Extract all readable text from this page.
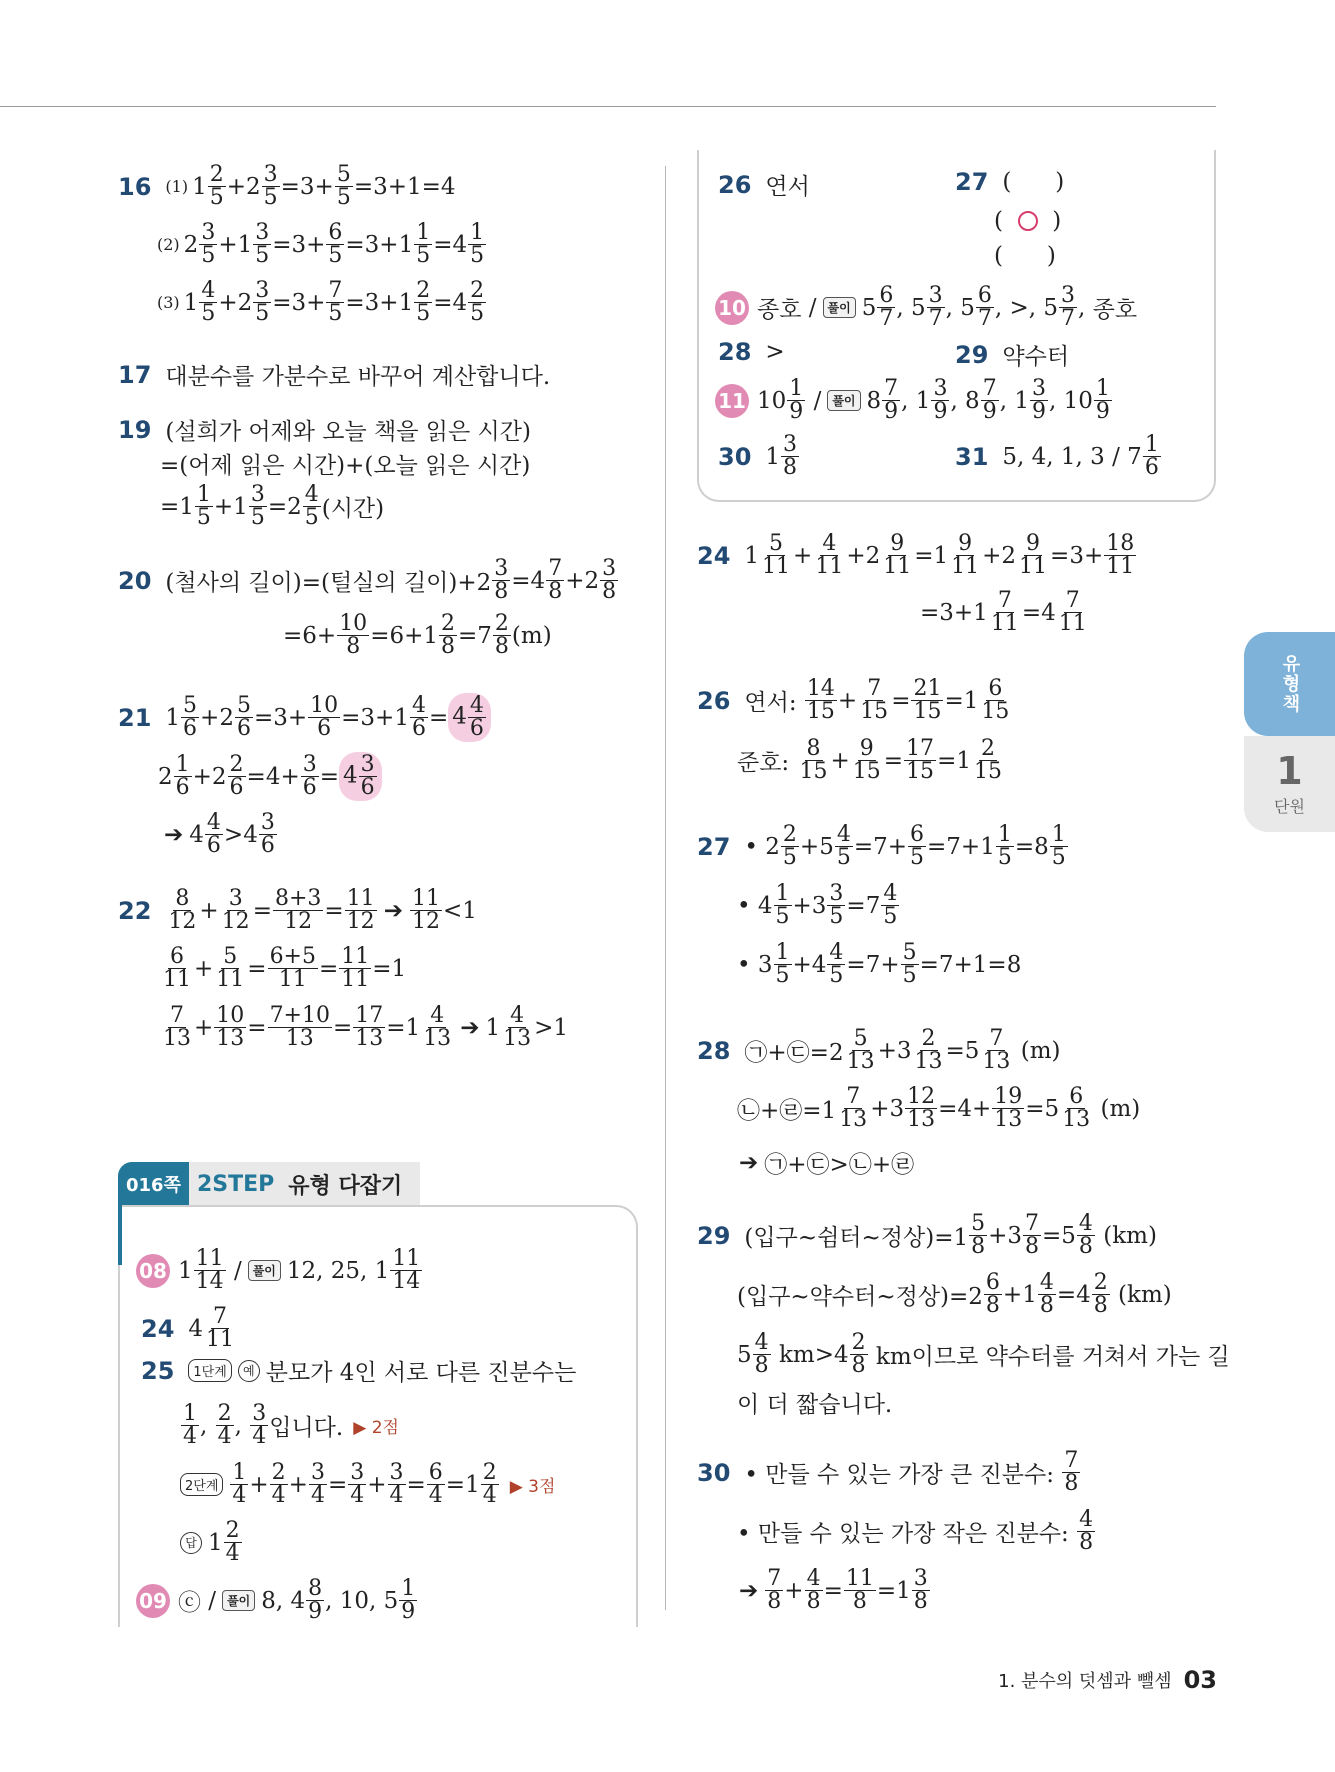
16 (1) $1 \frac{2}{5} +2 \frac{3}{5} =3+ \frac{5}{5} =3+1=4$
(2) $2 \frac{3}{5} +1 \frac{3}{5} =3+ \frac{6}{5} =3+1 \frac{1}{5} =4 \frac{1}{5}$
(3) $1 \frac{4}{5} +2 \frac{3}{5} =3+ \frac{7}{5} =3+1 \frac{2}{5} =4 \frac{2}{5}$
17 대분수를 가분수로 바꾸어 계산합니다.
19 (설희가 어제와 오늘 책을 읽은 시간)
=(어제 읽은 시간)+(오늘 읽은 시간)
$=1 \frac{1}{5} +1 \frac{3}{5} =2 \frac{4}{5}$ (시간)
20 (철사의 길이)=(털실의 길이)$+2 \frac{3}{8} =4 \frac{7}{8} +2 \frac{3}{8}$
$=6+ \frac{10}{8} =6+1 \frac{2}{8} =7 \frac{2}{8} (m)$
21 $1 \frac{5}{6} +2 \frac{5}{6} =3+ \frac{10}{6} =3+1 \frac{4}{6} = 4 \frac{4}{6}$
$2 \frac{1}{6} +2 \frac{2}{6} =4+ \frac{3}{6} = 4 \frac{3}{6}$
➔ $4 \frac{4}{6} >4 \frac{3}{6}$
$22 \frac{8}{12} + \frac{3}{12} = \frac{8+3}{12} = \frac{11}{12}$ ➔ $\frac{11}{12} <1$
$\frac{6}{11} + \frac{5}{11} = \frac{6+5}{11} = \frac{11}{11} =1$
$\frac{7}{13} + \frac{10}{13} = \frac{7+10}{13} = \frac{17}{13} =1 \frac{4}{13}$ ➔ $1 \frac{4}{13} >1$
016쪽 2STEP 유형 다잡기
08 $1 \frac{11}{14}$ / 풀이 12, 25, $1 \frac{11}{14}$
24 $4 \frac{7}{11}$
25	1단계	예 분모가 4인 서로 다른 진분수는
$\frac{1}{4}$ , $\frac{2}{4}$ , $\frac{3}{4}$ 입니다. ▶ 2점
2단계 $\frac{1}{4} + \frac{2}{4} + \frac{3}{4} = \frac{3}{4} + \frac{3}{4} = \frac{6}{4} =1 \frac{2}{4}$ ▶ 3점
답 $1 \frac{2}{4}$
09 ⓒ / 풀이 8, $4 \frac{8}{9}$ , 10, $5 \frac{1}{9}$
26 연서	27 (      )
( ○ )
(      )
10 종호 / 풀이 $5 \frac{6}{7}$ , $5 \frac{3}{7}$ , $5 \frac{6}{7}$ , >, $5 \frac{3}{7}$ , 종호
28 >	29 약수터
11 $10 \frac{1}{9}$ / 풀이 $8 \frac{7}{9}$ , $1 \frac{3}{9}$ , $8 \frac{7}{9}$ , $1 \frac{3}{9}$ , $10 \frac{1}{9}$
30 $1 \frac{3}{8}$	31 5, 4, 1, $3 / 7 \frac{1}{6}$
24 $1 \frac{5}{11} + \frac{4}{11} +2 \frac{9}{11} =1 \frac{9}{11} +2 \frac{9}{11} =3+ \frac{18}{11}$
$=3+1 \frac{7}{11} =4 \frac{7}{11}$
26 연서:
$\frac{14}{15} + \frac{7}{15} = \frac{21}{15} =1 \frac{6}{15}$
준호:
$\frac{8}{15} + \frac{9}{15} = \frac{17}{15} =1 \frac{2}{15}$
27 • $2 \frac{2}{5} +5 \frac{4}{5} =7+ \frac{6}{5} =7+1 \frac{1}{5} =8 \frac{1}{5}$
• $4 \frac{1}{5} +3 \frac{3}{5} =7 \frac{4}{5}$
• $3 \frac{1}{5} +4 \frac{4}{5} =7+ \frac{5}{5} =7+1=8$
28 ㉠+㉢=2 $\frac{5}{13} +3 \frac{2}{13} =5 \frac{7}{13}$
(m)
㉡+㉣=1 $\frac{7}{13} +3 \frac{12}{13} =4+ \frac{19}{13} =5 \frac{6}{13}$
(m)
➔ ㉠+㉢>㉡+㉣
29 (입구~쉼터~정상)$=1 \frac{5}{8} +3 \frac{7}{8} =5 \frac{4}{8}$
(km)
(입구~약수터~정상)$=2 \frac{6}{8} +1 \frac{4}{8} =4 \frac{2}{8}$
(km)
$5 \frac{4}{8} km>4 \frac{2}{8}$
km이므로 약수터를 거쳐서 가는 길
이 더 짧습니다.
30 • 만들 수 있는 가장 큰 진분수:
$\frac{7}{8}$
• 만들 수 있는 가장 작은 진분수:
$\frac{4}{8}$
➔ $\frac{7}{8} + \frac{4}{8} = \frac{11}{8} =1 \frac{3}{8}$
유형책
1
단원
1. 분수의 덧셈과 뺄셈 03
